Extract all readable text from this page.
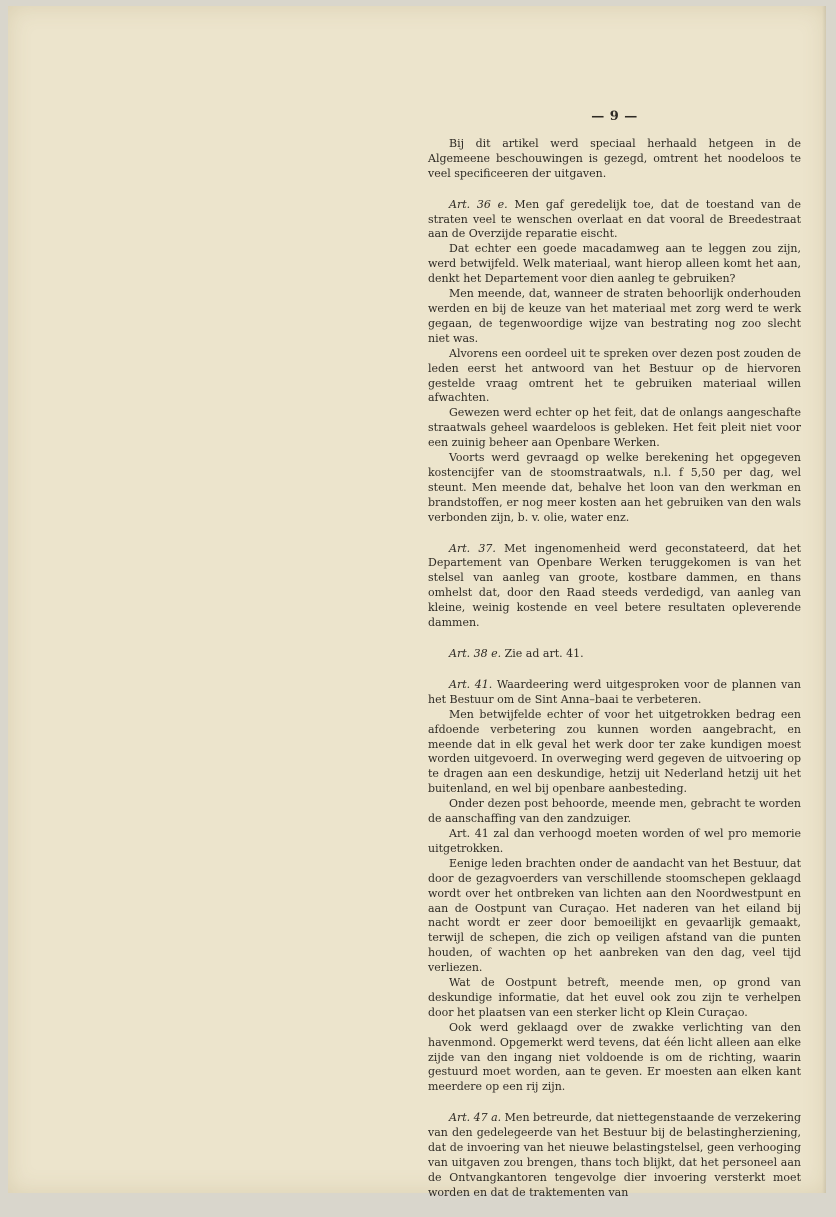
— 9 —

Bij dit artikel werd speciaal herhaald hetgeen in de Algemeene beschouwingen is gezegd, omtrent het noodeloos te veel specificeeren der uitgaven.

Art. 36 e. Men gaf geredelijk toe, dat de toestand van de straten veel te wenschen overlaat en dat vooral de Breedestraat aan de Overzijde reparatie eischt.

Dat echter een goede macadamweg aan te leggen zou zijn, werd betwijfeld. Welk materiaal, want hierop alleen komt het aan, denkt het Departement voor dien aanleg te gebruiken?

Men meende, dat, wanneer de straten behoorlijk onderhouden werden en bij de keuze van het materiaal met zorg werd te werk gegaan, de tegenwoordige wijze van bestrating nog zoo slecht niet was.

Alvorens een oordeel uit te spreken over dezen post zouden de leden eerst het antwoord van het Bestuur op de hiervoren gestelde vraag omtrent het te gebruiken materiaal willen afwachten.

Gewezen werd echter op het feit, dat de onlangs aangeschafte straatwals geheel waardeloos is gebleken. Het feit pleit niet voor een zuinig beheer aan Openbare Werken.

Voorts werd gevraagd op welke berekening het opgegeven kostencijfer van de stoomstraatwals, n.l. f 5,50 per dag, wel steunt. Men meende dat, behalve het loon van den werkman en brandstoffen, er nog meer kosten aan het gebruiken van den wals verbonden zijn, b. v. olie, water enz.

Art. 37. Met ingenomenheid werd geconstateerd, dat het Departement van Openbare Werken teruggekomen is van het stelsel van aanleg van groote, kostbare dammen, en thans omhelst dat, door den Raad steeds verdedigd, van aanleg van kleine, weinig kostende en veel betere resultaten opleverende dammen.

Art. 38 e. Zie ad art. 41.

Art. 41. Waardeering werd uitgesproken voor de plannen van het Bestuur om de Sint Anna–baai te verbeteren.

Men betwijfelde echter of voor het uitgetrokken bedrag een afdoende verbetering zou kunnen worden aangebracht, en meende dat in elk geval het werk door ter zake kundigen moest worden uitgevoerd. In overweging werd gegeven de uitvoering op te dragen aan een deskundige, hetzij uit Nederland hetzij uit het buitenland, en wel bij openbare aanbesteding.

Onder dezen post behoorde, meende men, gebracht te worden de aanschaffing van den zandzuiger.

Art. 41 zal dan verhoogd moeten worden of wel pro memorie uitgetrokken.

Eenige leden brachten onder de aandacht van het Bestuur, dat door de gezagvoerders van verschillende stoomschepen geklaagd wordt over het ontbreken van lichten aan den Noordwestpunt en aan de Oostpunt van Curaçao. Het naderen van het eiland bij nacht wordt er zeer door bemoeilijkt en gevaarlijk gemaakt, terwijl de schepen, die zich op veiligen afstand van die punten houden, of wachten op het aanbreken van den dag, veel tijd verliezen.

Wat de Oostpunt betreft, meende men, op grond van deskundige informatie, dat het euvel ook zou zijn te verhelpen door het plaatsen van een sterker licht op Klein Curaçao.

Ook werd geklaagd over de zwakke verlichting van den havenmond. Opgemerkt werd tevens, dat één licht alleen aan elke zijde van den ingang niet voldoende is om de richting, waarin gestuurd moet worden, aan te geven. Er moesten aan elken kant meerdere op een rij zijn.

Art. 47 a. Men betreurde, dat niettegenstaande de verzekering van den gedelegeerde van het Bestuur bij de belastingherziening, dat de invoering van het nieuwe belastingstelsel, geen verhooging van uitgaven zou brengen, thans toch blijkt, dat het personeel aan de Ontvangkantoren tengevolge dier invoering versterkt moet worden en dat de traktementen van
